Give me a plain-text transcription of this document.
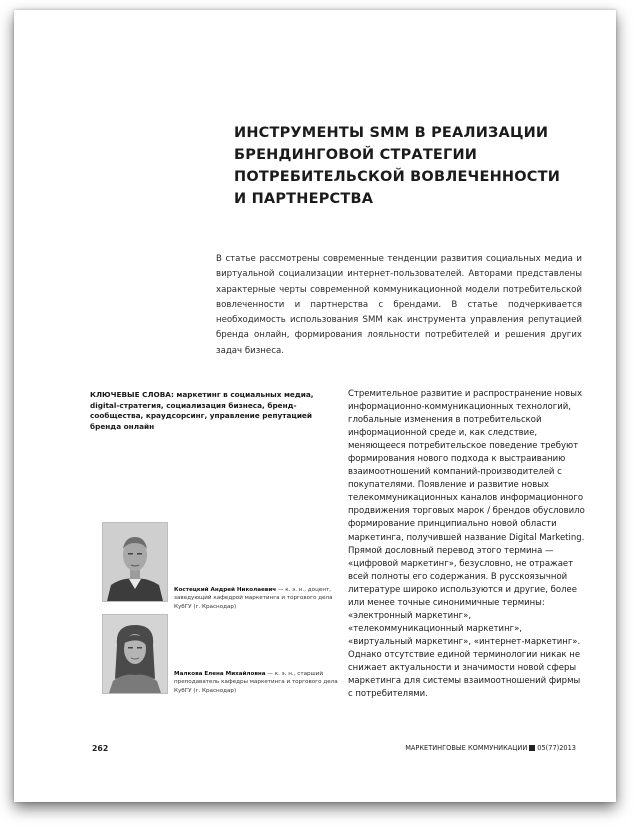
ИНСТРУМЕНТЫ SMM В РЕАЛИЗАЦИИ БРЕНДИНГОВОЙ СТРАТЕГИИ ПОТРЕБИТЕЛЬСКОЙ ВОВЛЕЧЕННОСТИ И ПАРТНЕРСТВА

В статье рассмотрены современные тенденции развития социальных медиа и виртуальной социализации интернет-пользователей. Авторами представлены характерные черты современной коммуникационной модели потребительской вовлеченности и партнерства с брендами. В статье подчеркивается необходимость использования SMM как инструмента управления репутацией бренда онлайн, формирования лояльности потребителей и решения других задач бизнеса.

КЛЮЧЕВЫЕ СЛОВА: маркетинг в социальных медиа, digital-стратегия, социализация бизнеса, бренд-сообщества, краудсорсинг, управление репутацией бренда онлайн

Стремительное развитие и распространение новых информационно-коммуникационных технологий, глобальные изменения в потребительской информационной среде и, как следствие, меняющееся потребительское поведение требуют формирования нового подхода к выстраиванию взаимоотношений компаний-производителей с покупателями. Появление и развитие новых телекоммуникационных каналов информационного продвижения торговых марок / брендов обусловило формирование принципиально новой области маркетинга, получившей название Digital Marketing. Прямой дословный перевод этого термина — «цифровой маркетинг», безусловно, не отражает всей полноты его содержания. В русскоязычной литературе широко используются и другие, более или менее точные синонимичные термины: «электронный маркетинг», «телекоммуникационный маркетинг», «виртуальный маркетинг», «интернет-маркетинг». Однако отсутствие единой терминологии никак не снижает актуальности и значимости новой сферы маркетинга для системы взаимоотношений фирмы с потребителями.

Костецкий Андрей Николаевич — к. э. н., доцент, заведующий кафедрой маркетинга и торгового дела КубГУ (г. Краснодар)

Малкова Елена Михайловна — к. э. н., старший преподаватель кафедры маркетинга и торгового дела КубГУ (г. Краснодар)

262	МАРКЕТИНГОВЫЕ КОММУНИКАЦИИ 05(77)2013
